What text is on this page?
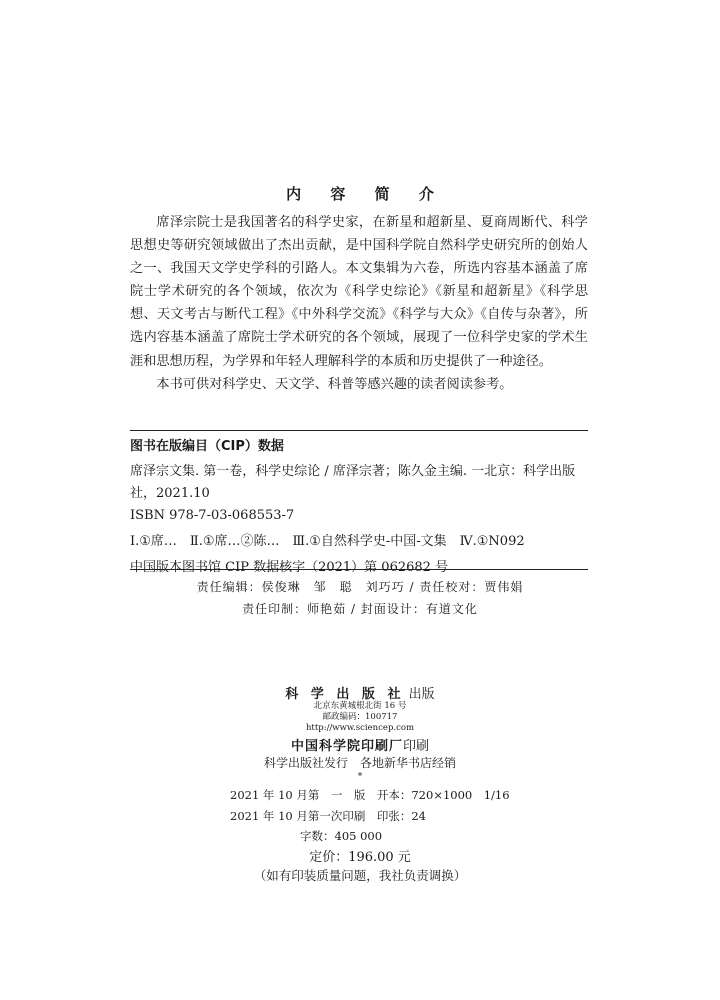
内 容 简 介

席泽宗院士是我国著名的科学史家，在新星和超新星、夏商周断代、科学思想史等研究领域做出了杰出贡献，是中国科学院自然科学史研究所的创始人之一、我国天文学史学科的引路人。本文集辑为六卷，所选内容基本涵盖了席院士学术研究的各个领域，依次为《科学史综论》《新星和超新星》《科学思想、天文考古与断代工程》《中外科学交流》《科学与大众》《自传与杂著》，所选内容基本涵盖了席院士学术研究的各个领域，展现了一位科学史家的学术生涯和思想历程，为学界和年轻人理解科学的本质和历史提供了一种途径。

本书可供对科学史、天文学、科普等感兴趣的读者阅读参考。

图书在版编目（CIP）数据
席泽宗文集. 第一卷，科学史综论 / 席泽宗著；陈久金主编. 一北京：科学出版社，2021.10
ISBN 978-7-03-068553-7
Ⅰ.①席…　Ⅱ.①席…②陈…　Ⅲ.①自然科学史-中国-文集　Ⅳ.①N092
中国版本图书馆 CIP 数据核字（2021）第 062682 号
责任编辑：侯俊琳　邹　聪　刘巧巧 / 责任校对：贾伟娟
责任印制：师艳茹 / 封面设计：有道文化
科 学 出 版 社 出版
北京东黄城根北街 16 号
邮政编码：100717
http://www.sciencep.com
中国科学院印刷厂印刷
科学出版社发行　各地新华书店经销
*
2021 年 10 月第　一　版　开本：720×1000　1/16
2021 年 10 月第一次印刷　印张：24
字数：405 000
定价：196.00 元
（如有印装质量问题，我社负责调换）
